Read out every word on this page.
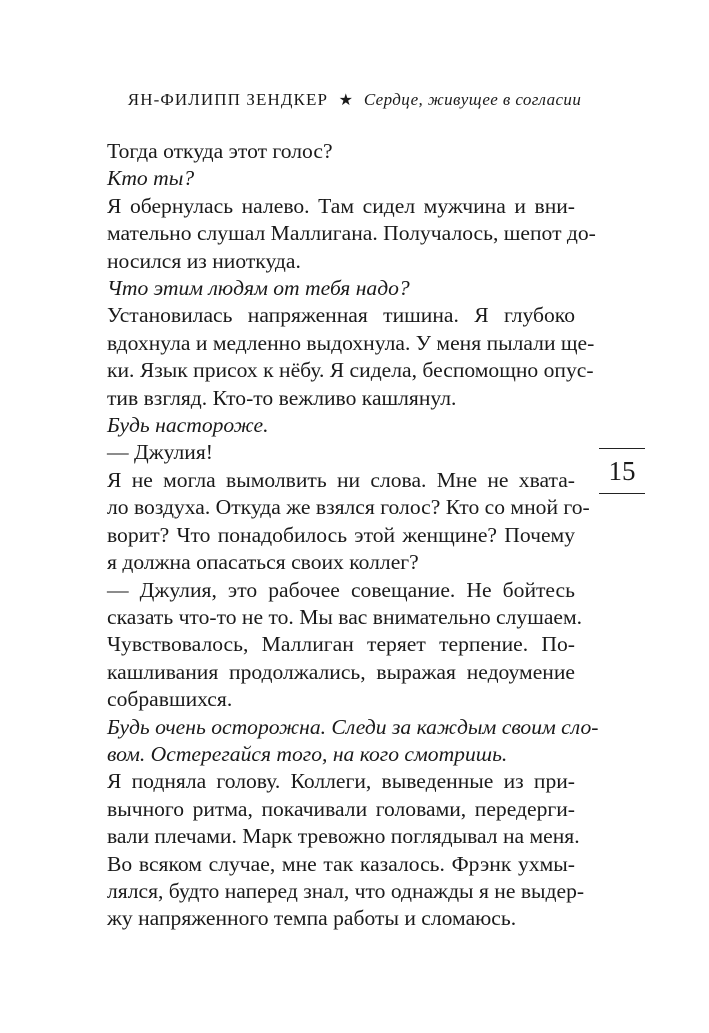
ЯН-ФИЛИПП ЗЕНДКЕР ★ Сердце, живущее в согласии
15
Тогда откуда этот голос?
Кто ты?
Я обернулась налево. Там сидел мужчина и вни-
мательно слушал Маллигана. Получалось, шепот до-
носился из ниоткуда.
Что этим людям от тебя надо?
Установилась напряженная тишина. Я глубоко
вдохнула и медленно выдохнула. У меня пылали ще-
ки. Язык присох к нёбу. Я сидела, беспомощно опус-
тив взгляд. Кто-то вежливо кашлянул.
Будь настороже.
— Джулия!
Я не могла вымолвить ни слова. Мне не хвата-
ло воздуха. Откуда же взялся голос? Кто со мной го-
ворит? Что понадобилось этой женщине? Почему
я должна опасаться своих коллег?
— Джулия, это рабочее совещание. Не бойтесь
сказать что-то не то. Мы вас внимательно слушаем.
Чувствовалось, Маллиган теряет терпение. По-
кашливания продолжались, выражая недоумение
собравшихся.
Будь очень осторожна. Следи за каждым своим сло-
вом. Остерегайся того, на кого смотришь.
Я подняла голову. Коллеги, выведенные из при-
вычного ритма, покачивали головами, передерги-
вали плечами. Марк тревожно поглядывал на меня.
Во всяком случае, мне так казалось. Фрэнк ухмы-
лялся, будто наперед знал, что однажды я не выдер-
жу напряженного темпа работы и сломаюсь.
